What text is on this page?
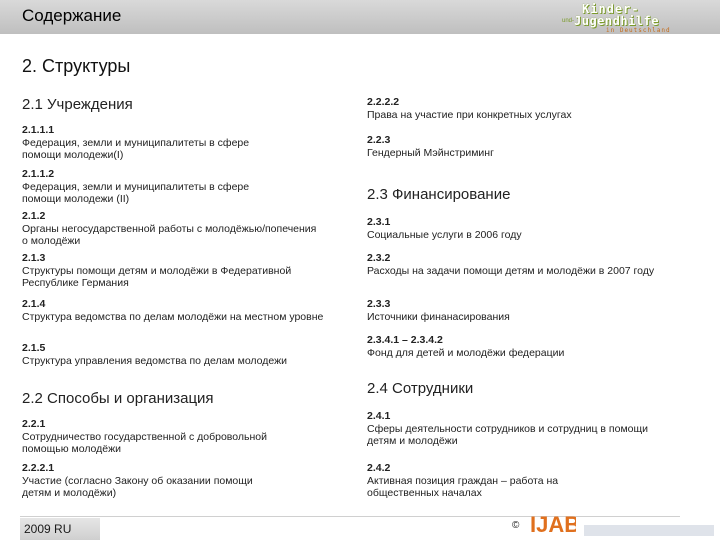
Содержание	Kinder-
und- Jugendhilfe
in Deutschland
2. Структуры
2.1 Учреждения
2.1.1.1
Федерация, земли и муниципалитеты в сфере
помощи молодежи(I)
2.1.1.2
Федерация, земли и муниципалитеты в сфере
помощи молодежи (II)
2.1.2
Органы негосударственной работы с молодёжью/попечения
о молодёжи
2.1.3
Структуры помощи детям и молодёжи в Федеративной
Республике Германия
2.1.4
Структура ведомства по делам молодёжи на местном уровне
2.1.5
Структура управления ведомства по делам молодежи
2.2 Способы и организация
2.2.1
Сотрудничество государственной с добровольной
помощью молодёжи
2.2.2.1
Участие (согласно Закону об оказании помощи
детям и молодёжи)
2.2.2.2
Права на участие при конкретных услугах
2.2.3
Гендерный Мэйнстриминг
2.3 Финансирование
2.3.1
Социальные услуги в 2006 году
2.3.2
Расходы на задачи помощи детям и молодёжи в 2007 году
2.3.3
Источники финанасирования
2.3.4.1 – 2.3.4.2
Фонд для детей и молодёжи федерации
2.4 Сотрудники
2.4.1
Сферы деятельности сотрудников и сотрудниц в помощи
детям и молодёжи
2.4.2
Активная позиция граждан – работа на
общественных началах
2009 RU	© IJAB
